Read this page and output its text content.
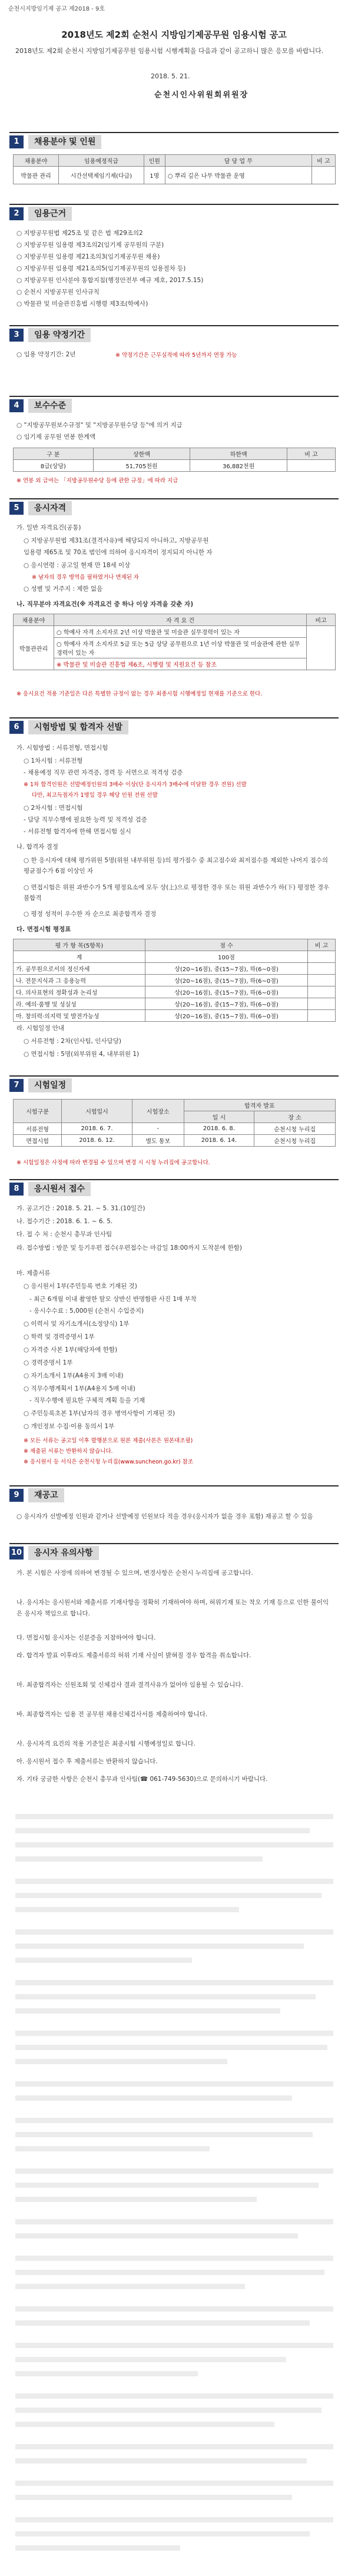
순천시지방임기제 공고 제2018 - 9호
2018년도 제2회 순천시 지방임기제공무원 임용시험 공고
2018년도 제2회 순천시 지방임기제공무원 임용시험 시행계획을 다음과 같이 공고하니 많은 응모를 바랍니다.
2018. 5. 21.
순천시인사위원회위원장
1	채용분야 및 인원
채용분야	임용예정직급	인원	담 당 업 무	비 고
박물관 관리	시간선택제임기제(다급)	1명	○ 뿌리 깊은 나무 박물관 운영	
2	임용근거
○ 지방공무원법 제25조 및 같은 법 제29조의2
○ 지방공무원 임용령 제3조의2(임기제 공무원의 구분)
○ 지방공무원 임용령 제21조의3(임기제공무원 채용)
○ 지방공무원 임용령 제21조의5(임기제공무원의 임용절차 등)
○ 지방공무원 인사분야 통합지침(행정안전부 예규 제호, 2017.5.15)
○ 순천시 지방공무원 인사규칙
○ 박물관 및 미술관진흥법 시행령 제3조(학예사)
3	임용 약정기간
○ 임용 약정기간: 2년	※ 약정기간은 근무실적에 따라 5년까지 연장 가능
4	보수수준
○ "지방공무원보수규정" 및 "지방공무원수당 등"에 의거 지급
○ 임기제 공무원 연봉 한계액
구 분	상한액	하한액	비 고
8급(상당)	51,705천원	36,882천원	
※ 연봉 외 급여는 「지방공무원수당 등에 관한 규정」에 따라 지급
5	응시자격
가. 일반 자격요건(공통)
○ 지방공무원법 제31조(결격사유)에 해당되지 아니하고, 지방공무원
임용령 제65조 및 70조 범인에 의하여 응시자격이 정지되지 아니한 자
○ 응시연령 : 공고일 현재 만 18세 이상
※ 남자의 경우 병역을 필하였거나 면제된 자
○ 성별 및 거주지 : 제한 없음
나. 직무분야 자격요건(※ 자격요건 중 하나 이상 자격을 갖춘 자)
채용분야	자 격 요 건	비고
박물관관리	○ 학예사 자격 소지자로 2년 이상 박물관 및 미술관 실무경력이 있는 자	
	○ 학예사 자격 소지자로 5급 또는 5급 상당 공무원으로 1년 이상 박물관 및 미술관에 관한 실무 경력이 있는 자	
	※ 박물관 및 미술관 진흥법 제6조, 시행령 및 지원요건 등 참조	
※ 응시요건 적용 기준일은 다른 특별한 규정이 없는 경우 최종시험 시행예정일 현재를 기준으로 한다.
6	시험방법 및 합격자 선발
가. 시험방법 : 서류전형, 면접시험
○ 1차시험 : 서류전형
- 채용예정 직무 관련 자격증, 경력 등 서면으로 적격성 검증
※ 1차 합격인원은 선발예정인원의 3배수 이상(단 응시자가 3배수에 미달한 경우 전원) 선발
다만, 최고득점자가 1명일 경우 해당 인원 전원 선발
○ 2차시험 : 면접시험
- 담당 직무수행에 필요한 능력 및 적격성 검증
- 서류전형 합격자에 한해 면접시험 실시
나. 합격자 결정
○ 한 응시자에 대해 평가위원 5명(위원 내부위원 등)의 평가점수 중 최고점수와 최저점수를 제외한 나머지 점수의 평균점수가 6점 이상인 자
○ 면접시험은 위원 과반수가 5개 평정요소에 모두 상(上)으로 평정한 경우 또는 위원 과반수가 하(下) 평정한 경우 불합격
○ 평정 성적이 우수한 자 순으로 최종합격자 결정
다. 면접시험 평정표
평 가 항 목(5항목)	점 수	비 고
계	100점	
가. 공무원으로서의 정신자세	상(20~16점), 중(15~7점), 하(6~0점)	
나. 전문지식과 그 응용능력	상(20~16점), 중(15~7점), 하(6~0점)	
다. 의사표현의 정확성과 논리성	상(20~16점), 중(15~7점), 하(6~0점)	
라. 예의·품행 및 성실성	상(20~16점), 중(15~7점), 하(6~0점)	
마. 창의력·의지력 및 발전가능성	상(20~16점), 중(15~7점), 하(6~0점)	
라. 시험일정 안내
○ 서류전형 : 2차(인사팀, 인사담당)
○ 면접시험 : 5명(외부위원 4, 내부위원 1)
7	시험일정
시험구분	시험일시	시험장소	합격자 발표	
			일 시	장 소
서류전형	2018. 6. 7.	-	2018. 6. 8.	순천시청 누리집
면접시험	2018. 6. 12.	별도 통보	2018. 6. 14.	순천시청 누리집
※ 시험일정은 사정에 따라 변경될 수 있으며 변경 시 시청 누리집에 공고합니다.
8	응시원서 접수
가. 공고기간 : 2018. 5. 21. ~ 5. 31.(10일간)
나. 접수기간 : 2018. 6. 1. ~ 6. 5.
다. 접 수 처 : 순천시 총무과 인사팀
라. 접수방법 : 방문 및 등기우편 접수(우편접수는 마감일 18:00까지 도착분에 한함)
마. 제출서류
○ 응시원서 1부(주민등록 번호 기재된 것)
- 최근 6개월 이내 촬영한 탈모 상반신 반명함판 사진 1매 부착
- 응시수수료 : 5,000원 (순천시 수입증지)
○ 이력서 및 자기소개서(소정양식) 1부
○ 학력 및 경력증명서 1부
○ 자격증 사본 1부(해당자에 한함)
○ 경력증명서 1부
○ 자기소개서 1부(A4용지 3매 이내)
○ 직무수행계획서 1부(A4용지 5매 이내)
- 직무수행에 필요한 구체적 계획 등을 기재
○ 주민등록초본 1부(남자의 경우 병역사항이 기재된 것)
○ 개인정보 수집·이용 동의서 1부
※ 모든 서류는 공고일 이후 발행분으로 원본 제출(사본은 원본대조필)
※ 제출된 서류는 반환하지 않습니다.
※ 응시원서 등 서식은 순천시청 누리집(www.suncheon.go.kr) 참조
9	재공고
○ 응시자가 선발예정 인원과 같거나 선발예정 인원보다 적을 경우(응시자가 없을 경우 포함) 재공고 할 수 있음
10	응시자 유의사항
가. 본 시험은 사정에 의하여 변경될 수 있으며, 변경사항은 순천시 누리집에 공고합니다.
나. 응시자는 응시원서와 제출서류 기재사항을 정확히 기재하여야 하며, 허위기재 또는 착오 기재 등으로 인한 불이익은 응시자 책임으로 합니다.
다. 면접시험 응시자는 신분증을 지참하여야 합니다.
라. 합격자 발표 이후라도 제출서류의 허위 기재 사실이 밝혀질 경우 합격을 취소합니다.
마. 최종합격자는 신원조회 및 신체검사 결과 결격사유가 없어야 임용될 수 있습니다.
바. 최종합격자는 임용 전 공무원 채용신체검사서를 제출하여야 합니다.
사. 응시자격 요건의 적용 기준일은 최종시험 시행예정일로 합니다.
아. 응시원서 접수 후 제출서류는 반환하지 않습니다.
자. 기타 궁금한 사항은 순천시 총무과 인사팀(☎ 061-749-5630)으로 문의하시기 바랍니다.
